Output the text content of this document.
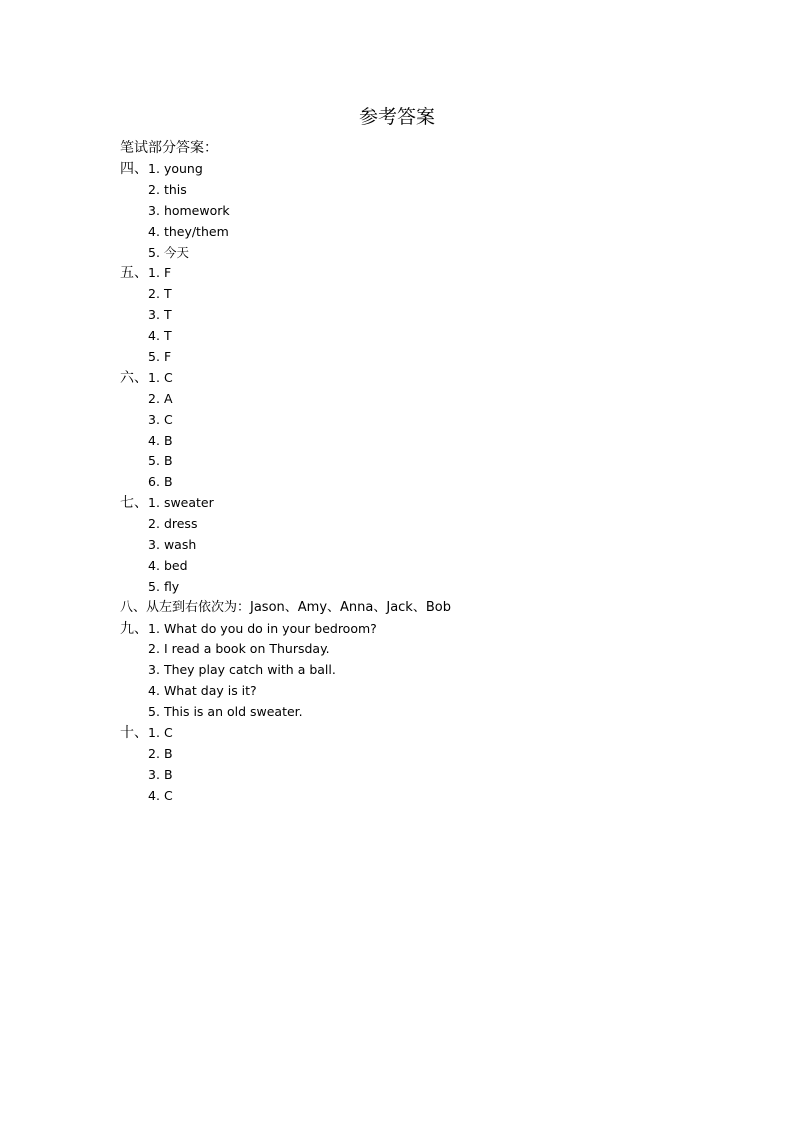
参考答案
笔试部分答案：
四、 1. young
2. this
3. homework
4. they/them
5.今天
五、 1. F
2. T
3. T
4. T
5. F
六、 1. C
2. A
3. C
4. B
5. B
6. B
七、 1. sweater
2. dress
3. wash
4. bed
5. fly
八、从左到右依次为：Jason、Amy、Anna、Jack、Bob
九、 1. What do you do in your bedroom?
2. I read a book on Thursday.
3. They play catch with a ball.
4. What day is it?
5. This is an old sweater.
十、 1. C
2. B
3. B
4. C
